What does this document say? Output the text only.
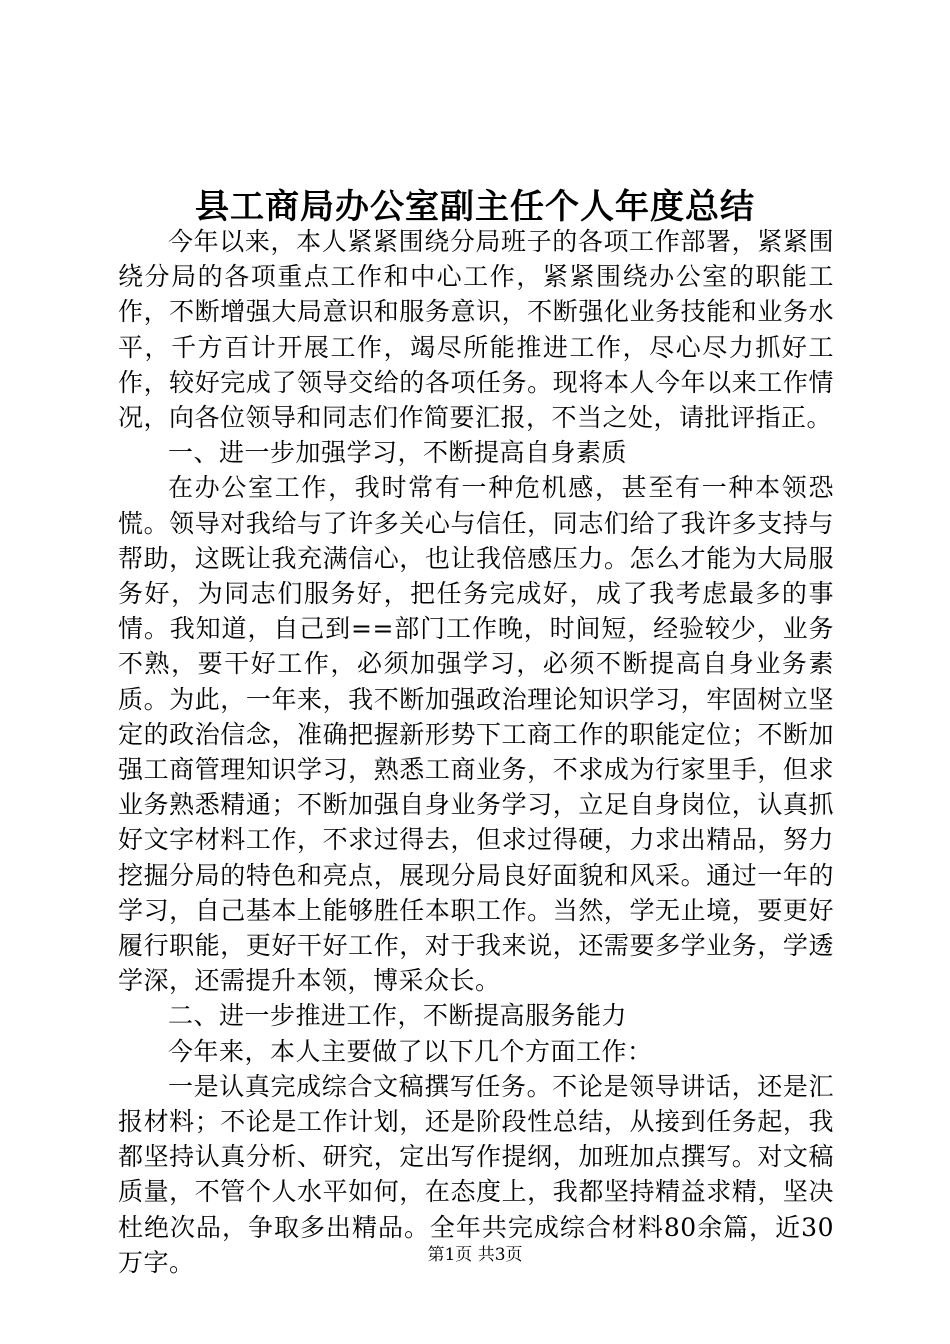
县工商局办公室副主任个人年度总结

今年以来，本人紧紧围绕分局班子的各项工作部署，紧紧围绕分局的各项重点工作和中心工作，紧紧围绕办公室的职能工作，不断增强大局意识和服务意识，不断强化业务技能和业务水平，千方百计开展工作，竭尽所能推进工作，尽心尽力抓好工作，较好完成了领导交给的各项任务。现将本人今年以来工作情况，向各位领导和同志们作简要汇报，不当之处，请批评指正。

一、进一步加强学习，不断提高自身素质

在办公室工作，我时常有一种危机感，甚至有一种本领恐慌。领导对我给与了许多关心与信任，同志们给了我许多支持与帮助，这既让我充满信心，也让我倍感压力。怎么才能为大局服务好，为同志们服务好，把任务完成好，成了我考虑最多的事情。我知道，自己到==部门工作晚，时间短，经验较少，业务不熟，要干好工作，必须加强学习，必须不断提高自身业务素质。为此，一年来，我不断加强政治理论知识学习，牢固树立坚定的政治信念，准确把握新形势下工商工作的职能定位；不断加强工商管理知识学习，熟悉工商业务，不求成为行家里手，但求业务熟悉精通；不断加强自身业务学习，立足自身岗位，认真抓好文字材料工作，不求过得去，但求过得硬，力求出精品，努力挖掘分局的特色和亮点，展现分局良好面貌和风采。通过一年的学习，自己基本上能够胜任本职工作。当然，学无止境，要更好履行职能，更好干好工作，对于我来说，还需要多学业务，学透学深，还需提升本领，博采众长。

二、进一步推进工作，不断提高服务能力

今年来，本人主要做了以下几个方面工作：

一是认真完成综合文稿撰写任务。不论是领导讲话，还是汇报材料；不论是工作计划，还是阶段性总结，从接到任务起，我都坚持认真分析、研究，定出写作提纲，加班加点撰写。对文稿质量，不管个人水平如何，在态度上，我都坚持精益求精，坚决杜绝次品，争取多出精品。全年共完成综合材料80余篇，近30万字。	第1页 共3页
